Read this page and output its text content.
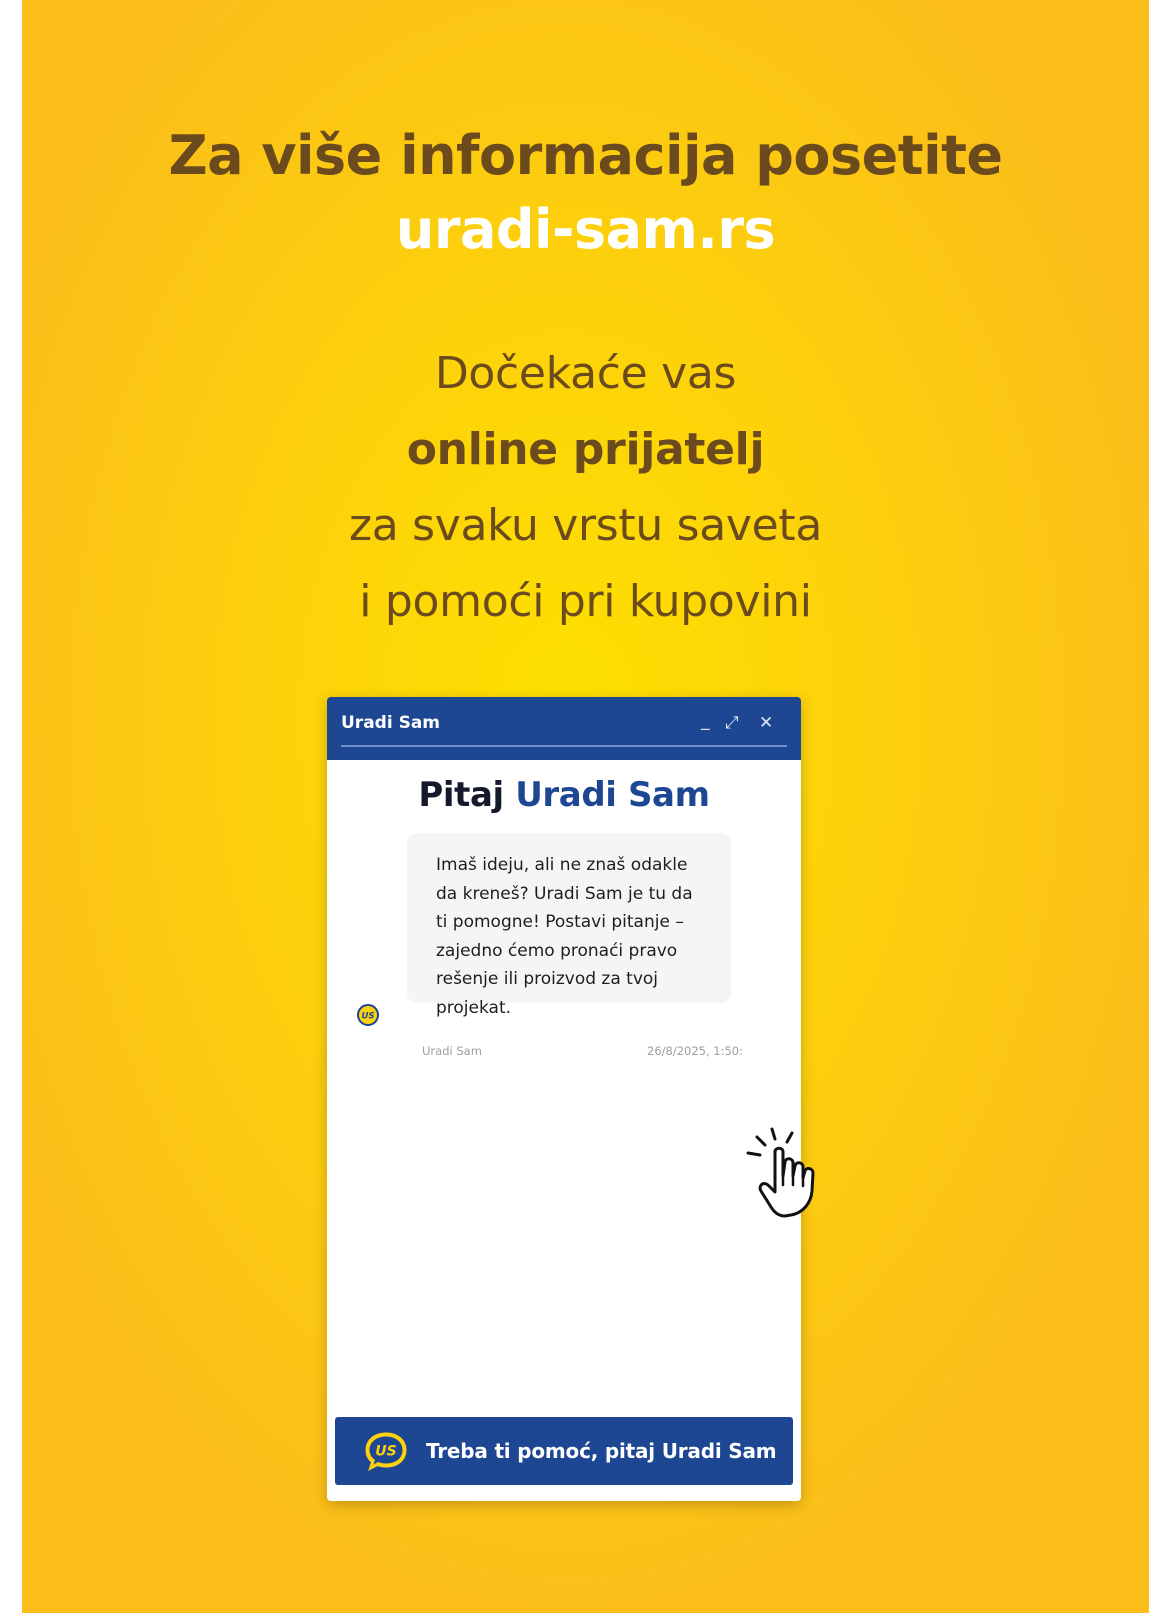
Za više informacija posetite
uradi-sam.rs
Dočekaće vas
online prijatelj
za svaku vrstu saveta
i pomoći pri kupovini
Uradi Sam	_ ⤢ ✕
Pitaj Uradi Sam
US

Imaš ideju, ali ne znaš odakle

da kreneš? Uradi Sam je tu da

ti pomogne! Postavi pitanje –

zajedno ćemo pronaći pravo

rešenje ili proizvod za tvoj

projekat.

Uradi Sam	26/8/2025, 1:50:
US Treba ti pomoć, pitaj Uradi Sam
